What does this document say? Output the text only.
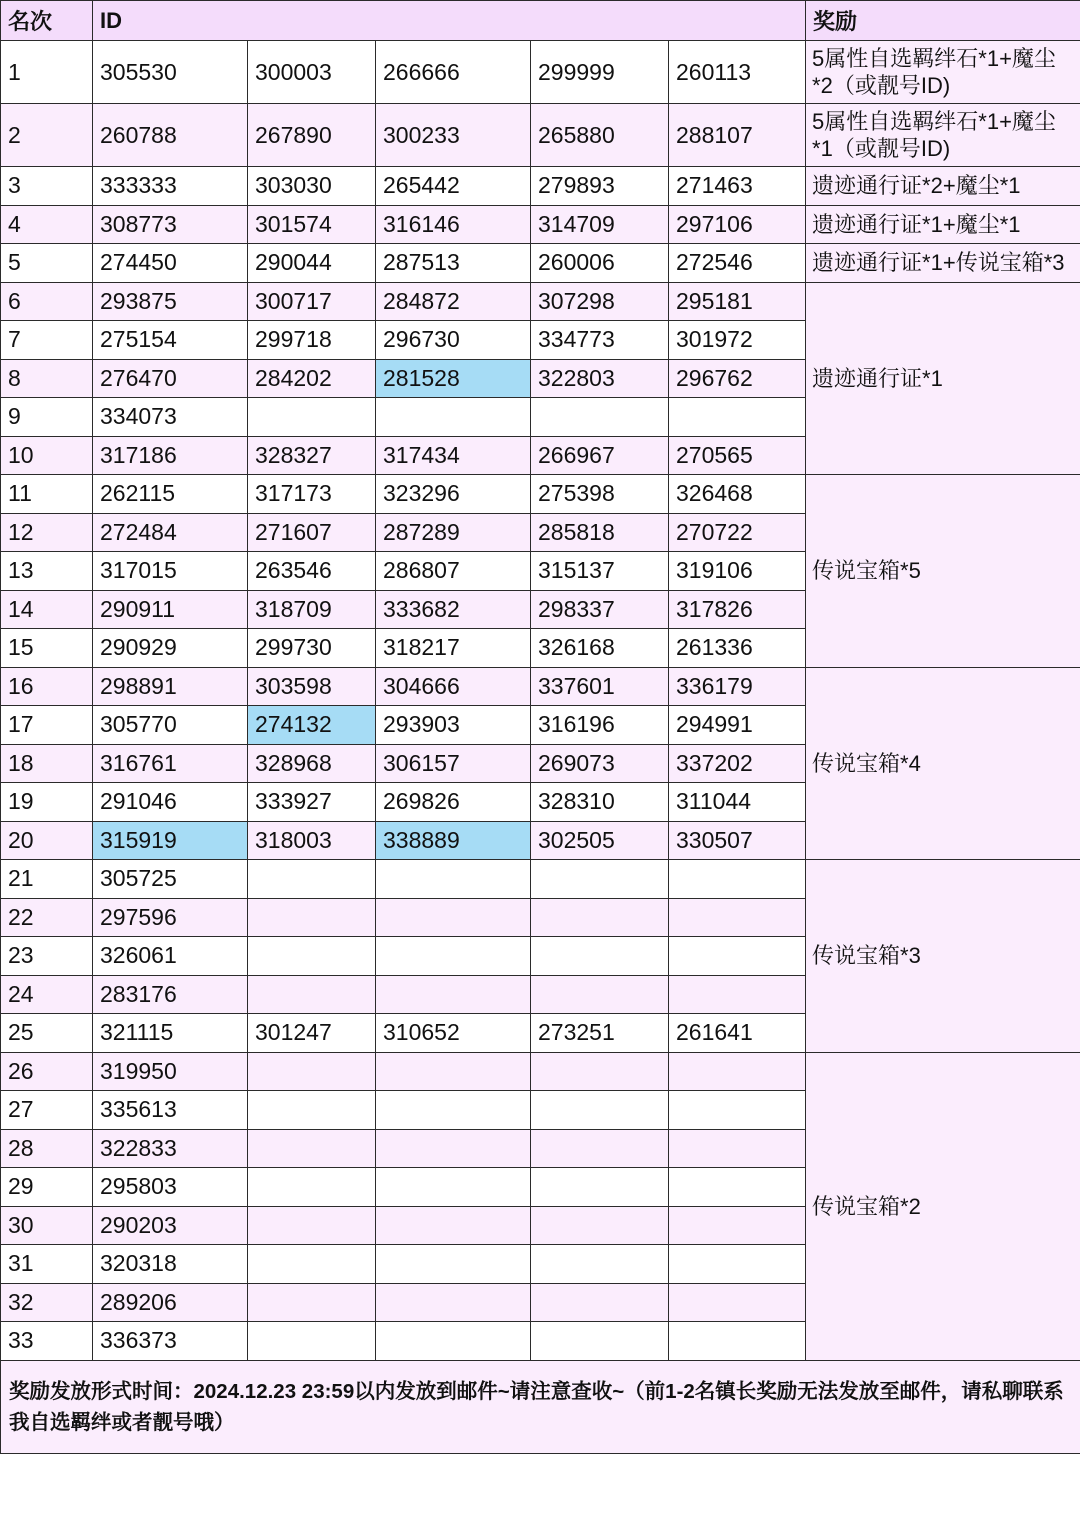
名次	ID					奖励
1	305530	300003	266666	299999	260113	5属性自选羁绊石*1+魔尘*2（或靓号ID)
2	260788	267890	300233	265880	288107	5属性自选羁绊石*1+魔尘*1（或靓号ID)
3	333333	303030	265442	279893	271463	遗迹通行证*2+魔尘*1
4	308773	301574	316146	314709	297106	遗迹通行证*1+魔尘*1
5	274450	290044	287513	260006	272546	遗迹通行证*1+传说宝箱*3
6	293875	300717	284872	307298	295181	遗迹通行证*1
7	275154	299718	296730	334773	301972	
8	276470	284202	281528	322803	296762	
9	334073					
10	317186	328327	317434	266967	270565	
11	262115	317173	323296	275398	326468	传说宝箱*5
12	272484	271607	287289	285818	270722	
13	317015	263546	286807	315137	319106	
14	290911	318709	333682	298337	317826	
15	290929	299730	318217	326168	261336	
16	298891	303598	304666	337601	336179	传说宝箱*4
17	305770	274132	293903	316196	294991	
18	316761	328968	306157	269073	337202	
19	291046	333927	269826	328310	311044	
20	315919	318003	338889	302505	330507	
21	305725					传说宝箱*3
22	297596					
23	326061					
24	283176					
25	321115	301247	310652	273251	261641	
26	319950					传说宝箱*2
27	335613					
28	322833					
29	295803					
30	290203					
31	320318					
32	289206					
33	336373					
奖励发放形式时间：2024.12.23 23:59以内发放到邮件~请注意查收~（前1-2名镇长奖励无法发放至邮件，请私聊联系我自选羁绊或者靓号哦）						
